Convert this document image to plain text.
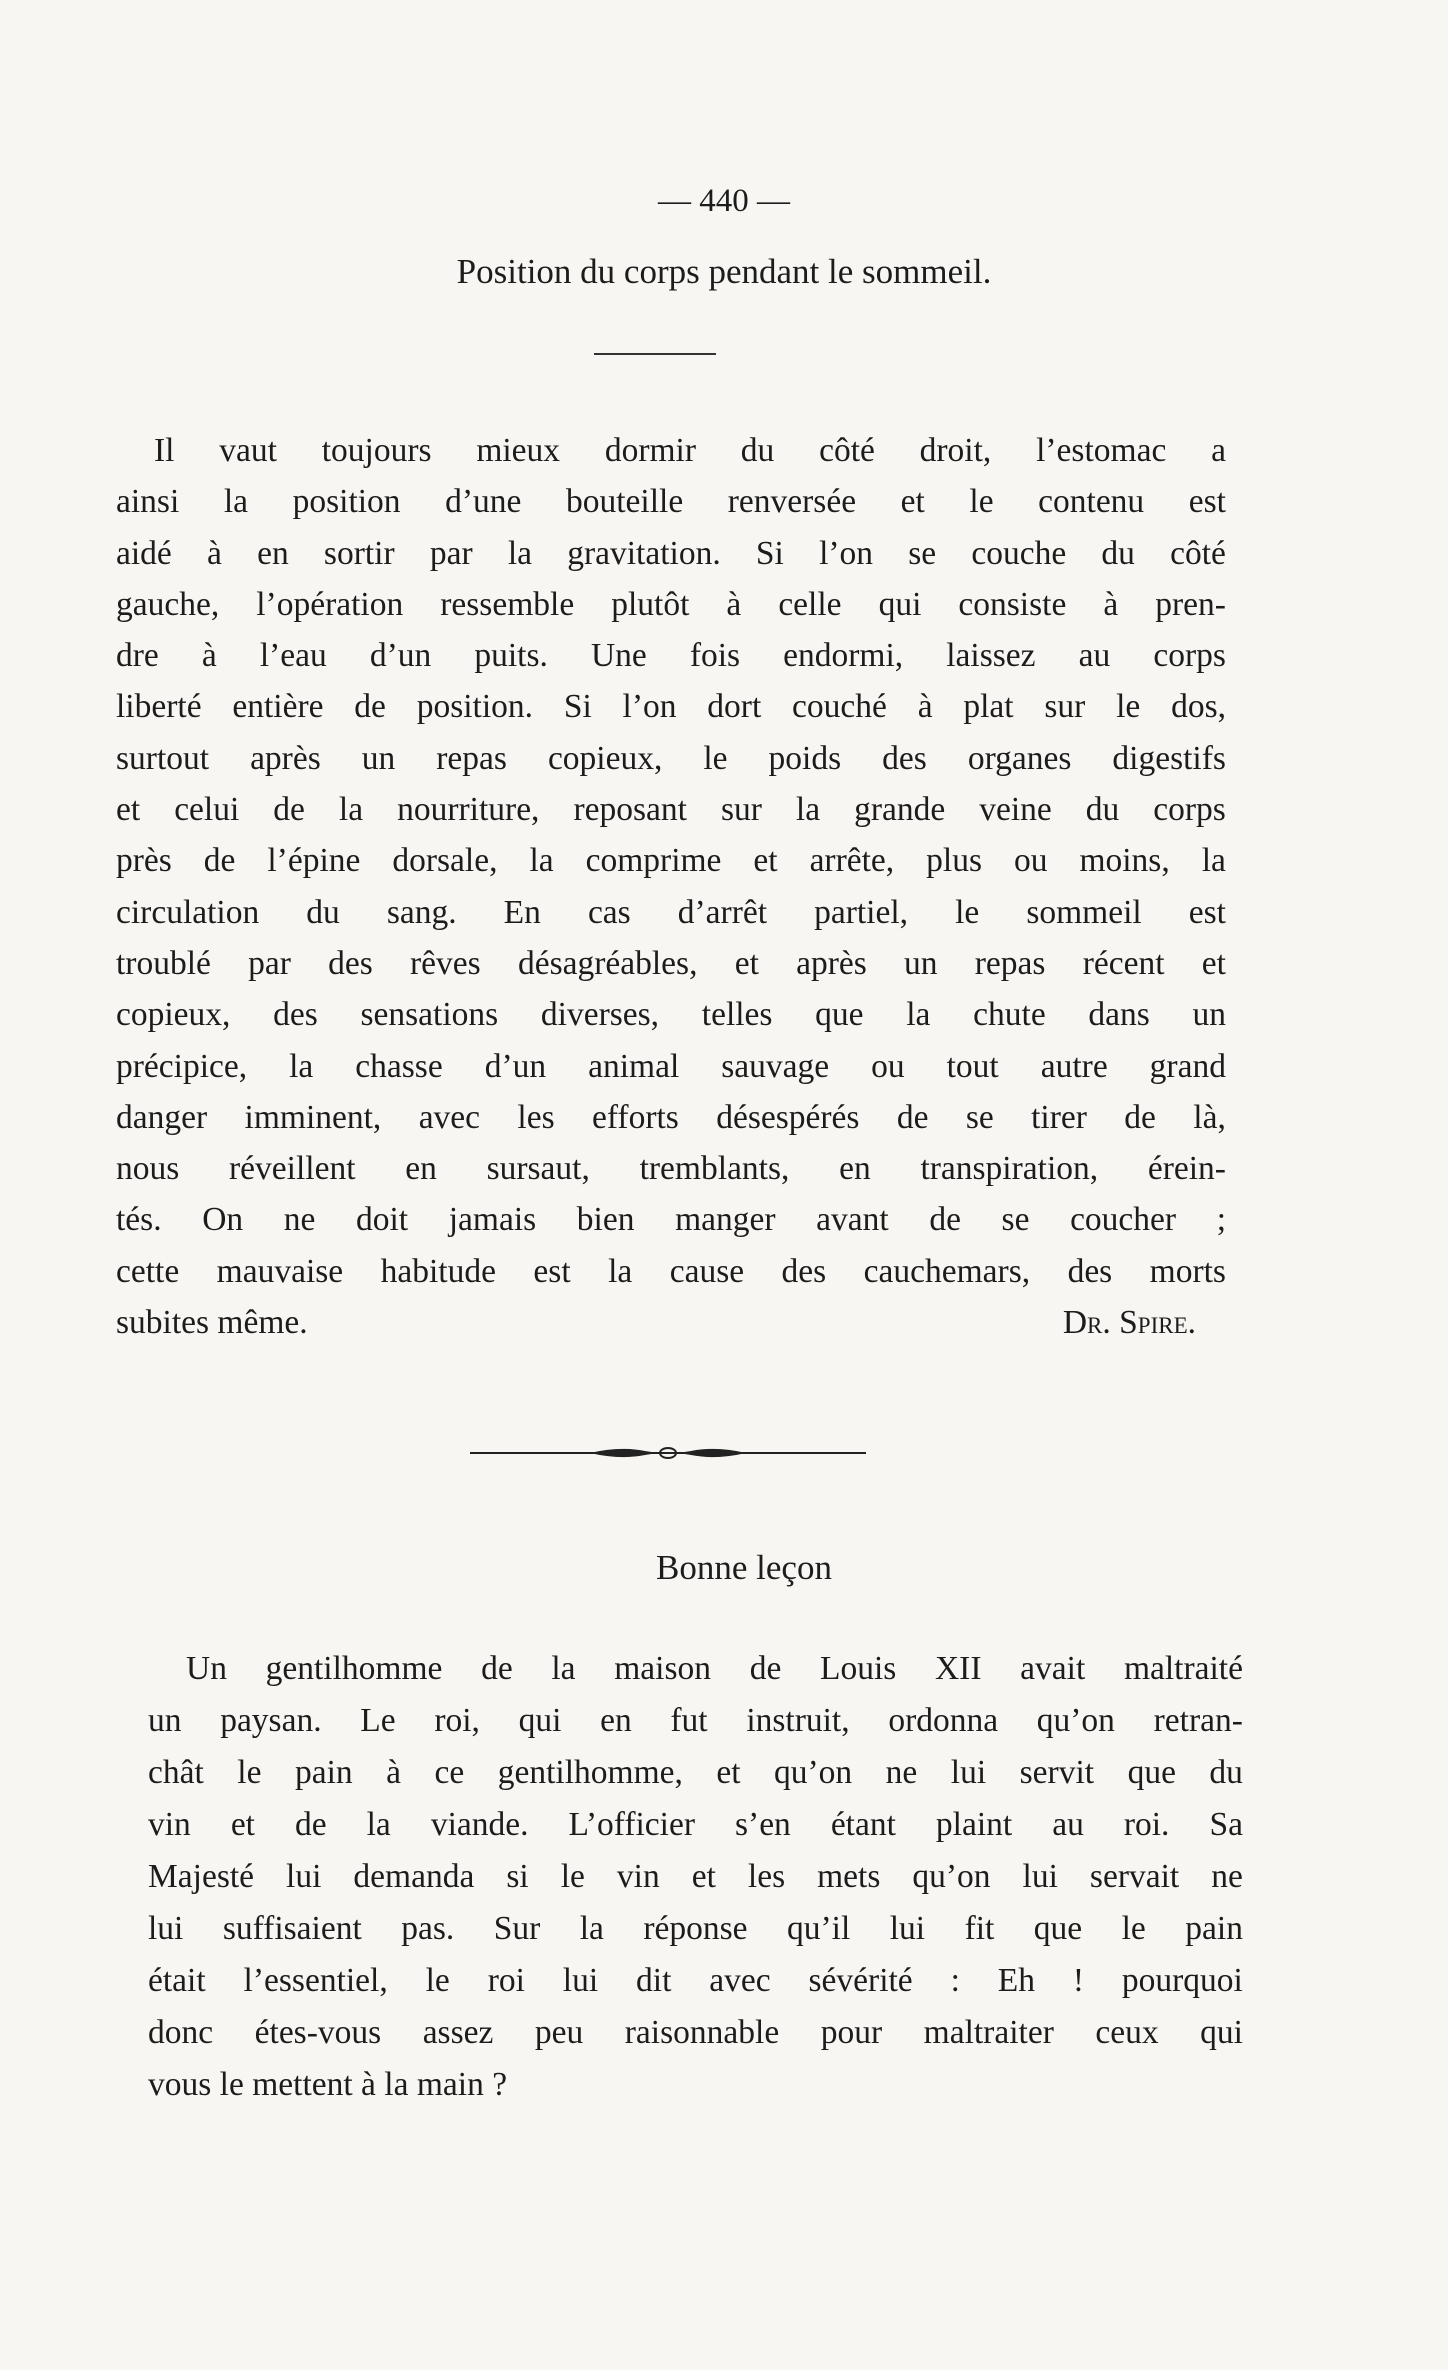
— 440 —
Position du corps pendant le sommeil.
Il vaut toujours mieux dormir du côté droit, l’estomac a
ainsi la position d’une bouteille renversée et le contenu est
aidé à en sortir par la gravitation. Si l’on se couche du côté
gauche, l’opération ressemble plutôt à celle qui consiste à pren-
dre à l’eau d’un puits. Une fois endormi, laissez au corps
liberté entière de position. Si l’on dort couché à plat sur le dos,
surtout après un repas copieux, le poids des organes digestifs
et celui de la nourriture, reposant sur la grande veine du corps
près de l’épine dorsale, la comprime et arrête, plus ou moins, la
circulation du sang. En cas d’arrêt partiel, le sommeil est
troublé par des rêves désagréables, et après un repas récent et
copieux, des sensations diverses, telles que la chute dans un
précipice, la chasse d’un animal sauvage ou tout autre grand
danger imminent, avec les efforts désespérés de se tirer de là,
nous réveillent en sursaut, tremblants, en transpiration, érein-
tés. On ne doit jamais bien manger avant de se coucher ;
cette mauvaise habitude est la cause des cauchemars, des morts
subites même.	Dr. Spire.
Bonne leçon
Un gentilhomme de la maison de Louis XII avait maltraité
un paysan. Le roi, qui en fut instruit, ordonna qu’on retran-
chât le pain à ce gentilhomme, et qu’on ne lui servit que du
vin et de la viande. L’officier s’en étant plaint au roi. Sa
Majesté lui demanda si le vin et les mets qu’on lui servait ne
lui suffisaient pas. Sur la réponse qu’il lui fit que le pain
était l’essentiel, le roi lui dit avec sévérité : Eh ! pourquoi
donc étes-vous assez peu raisonnable pour maltraiter ceux qui
vous le mettent à la main ?
